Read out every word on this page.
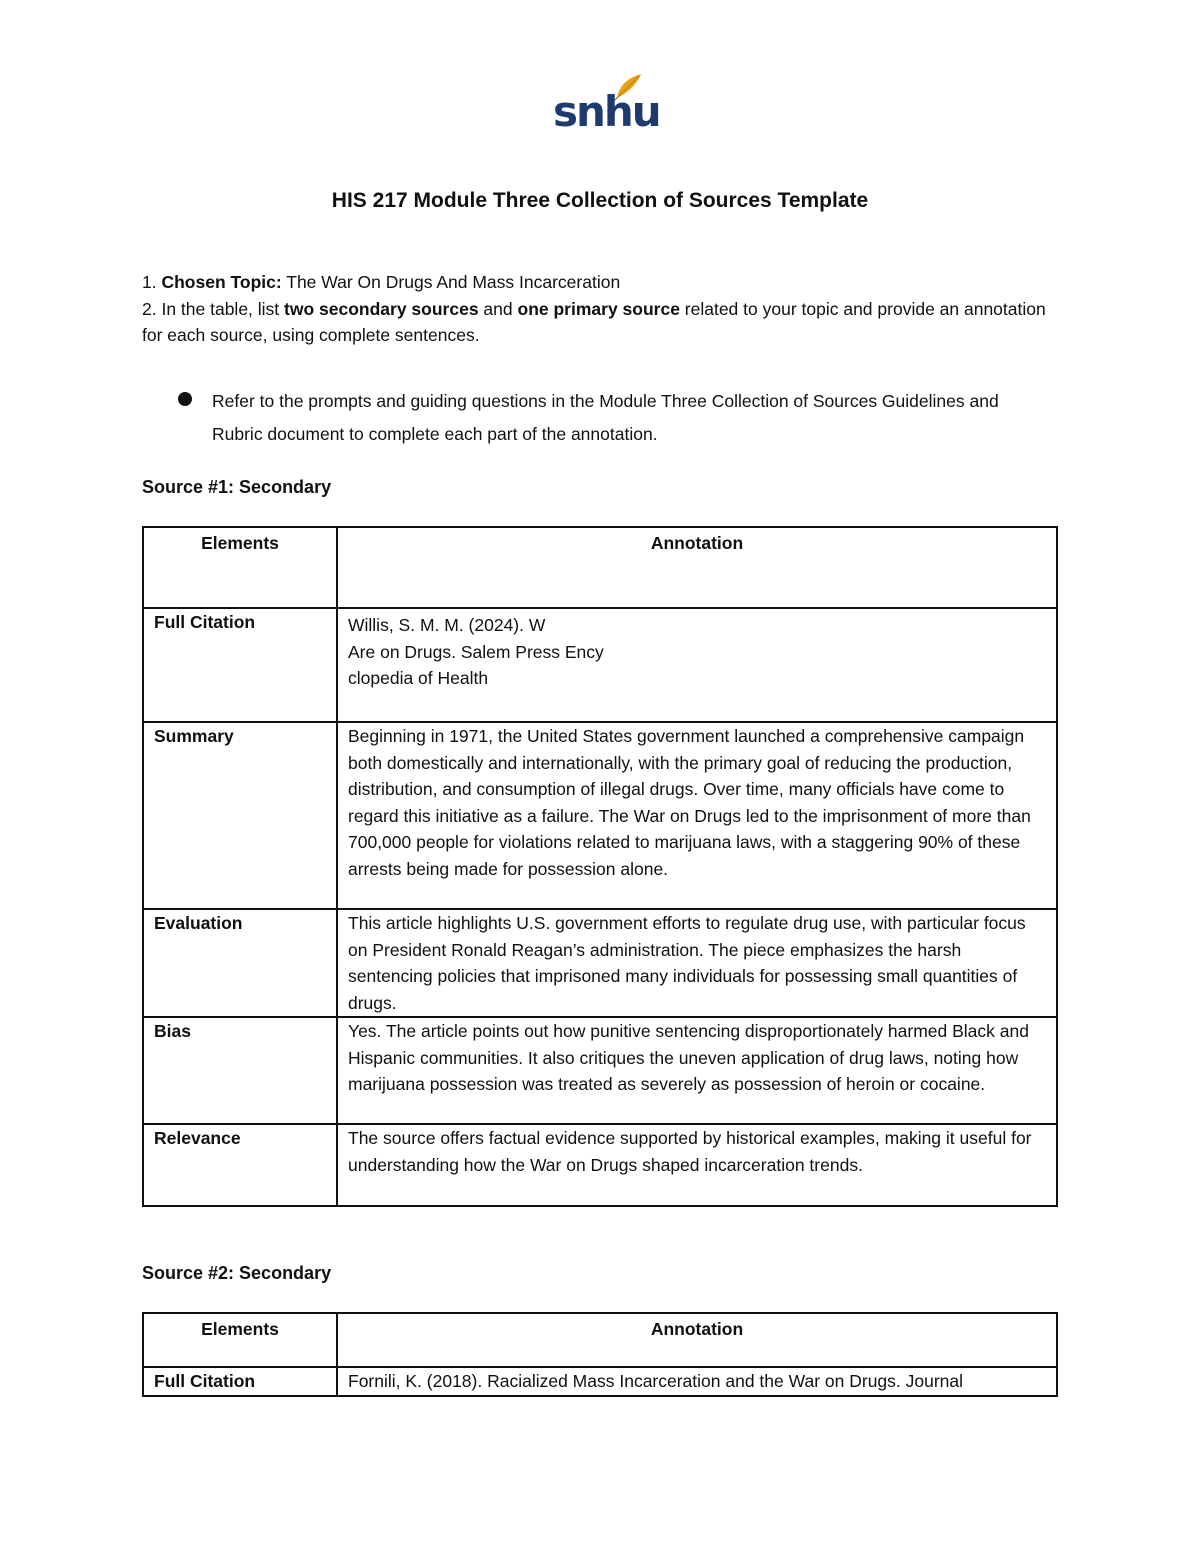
snhu
HIS 217 Module Three Collection of Sources Template
1. Chosen Topic: The War On Drugs And Mass Incarceration
2. In the table, list two secondary sources and one primary source related to your topic and provide an annotation for each source, using complete sentences.
Refer to the prompts and guiding questions in the Module Three Collection of Sources Guidelines and Rubric document to complete each part of the annotation.
Source #1: Secondary
Elements	Annotation
Full Citation	Willis, S. M. M. (2024). W
Are on Drugs. Salem Press Ency
clopedia of Health

Summary	Beginning in 1971, the United States government launched a comprehensive campaign both domestically and internationally, with the primary goal of reducing the production, distribution, and consumption of illegal drugs. Over time, many officials have come to regard this initiative as a failure. The War on Drugs led to the imprisonment of more than 700,000 people for violations related to marijuana laws, with a staggering 90% of these arrests being made for possession alone.
Evaluation	This article highlights U.S. government efforts to regulate drug use, with particular focus on President Ronald Reagan’s administration. The piece emphasizes the harsh sentencing policies that imprisoned many individuals for possessing small quantities of drugs.
Bias	Yes. The article points out how punitive sentencing disproportionately harmed Black and Hispanic communities. It also critiques the uneven application of drug laws, noting how marijuana possession was treated as severely as possession of heroin or cocaine.
Relevance	The source offers factual evidence supported by historical examples, making it useful for understanding how the War on Drugs shaped incarceration trends.
Source #2: Secondary
Elements	Annotation
Full Citation	Fornili, K. (2018). Racialized Mass Incarceration and the War on Drugs. Journal
